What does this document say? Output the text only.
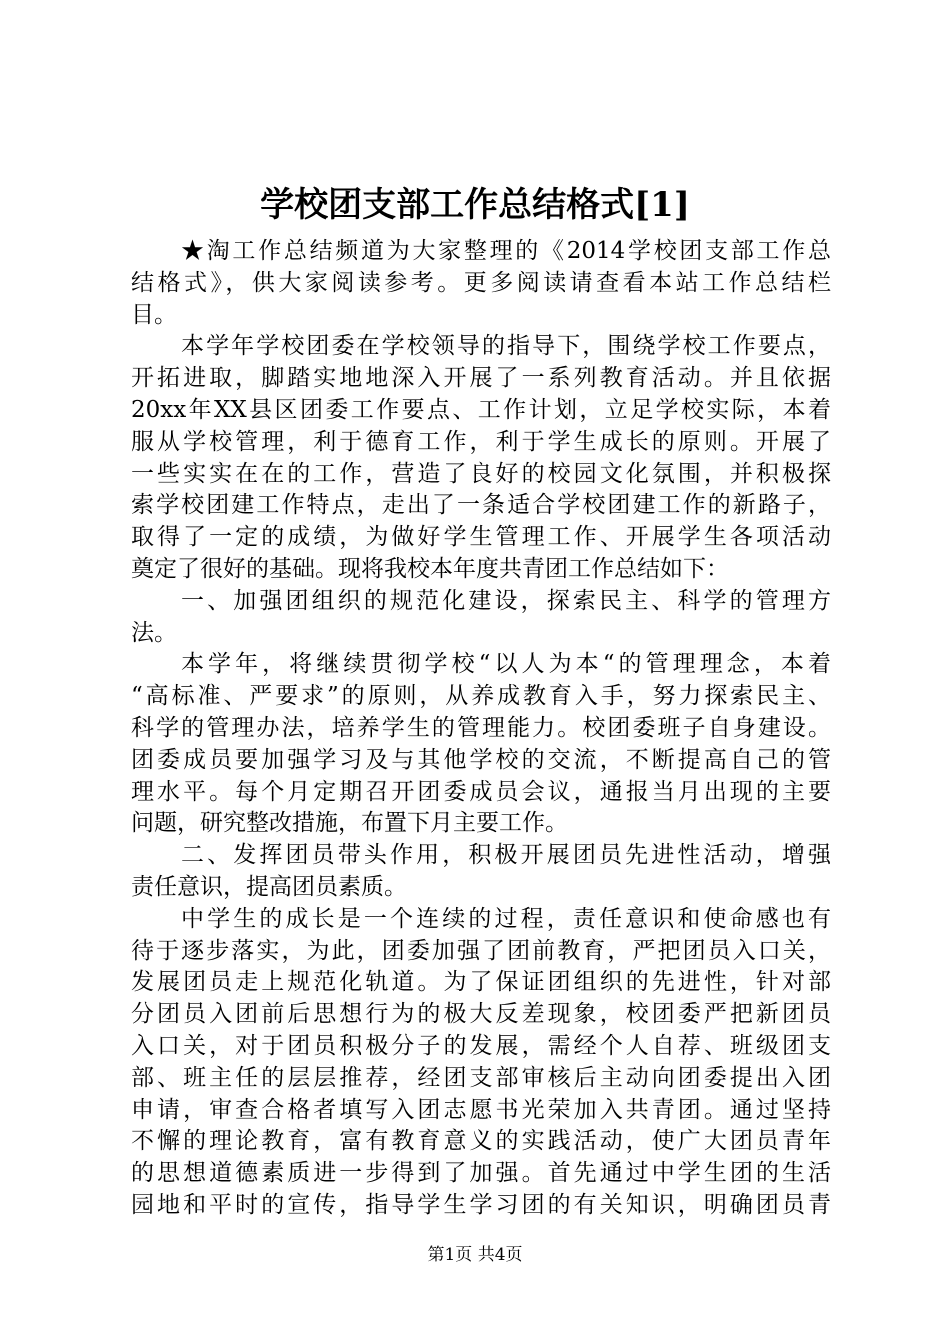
学校团支部工作总结格式[1]
★淘工作总结频道为大家整理的《2014学校团支部工作总
结格式》，供大家阅读参考。更多阅读请查看本站工作总结栏
目。
本学年学校团委在学校领导的指导下，围绕学校工作要点，
开拓进取，脚踏实地地深入开展了一系列教育活动。并且依据
20xx年XX县区团委工作要点、工作计划，立足学校实际，本着
服从学校管理，利于德育工作，利于学生成长的原则。开展了
一些实实在在的工作，营造了良好的校园文化氛围，并积极探
索学校团建工作特点，走出了一条适合学校团建工作的新路子，
取得了一定的成绩，为做好学生管理工作、开展学生各项活动
奠定了很好的基础。现将我校本年度共青团工作总结如下：
一、加强团组织的规范化建设，探索民主、科学的管理方
法。
本学年，将继续贯彻学校“以人为本“的管理理念，本着
“高标准、严要求”的原则，从养成教育入手，努力探索民主、
科学的管理办法，培养学生的管理能力。校团委班子自身建设。
团委成员要加强学习及与其他学校的交流，不断提高自己的管
理水平。每个月定期召开团委成员会议，通报当月出现的主要
问题，研究整改措施，布置下月主要工作。
二、发挥团员带头作用，积极开展团员先进性活动，增强
责任意识，提高团员素质。
中学生的成长是一个连续的过程，责任意识和使命感也有
待于逐步落实，为此，团委加强了团前教育，严把团员入口关，
发展团员走上规范化轨道。为了保证团组织的先进性，针对部
分团员入团前后思想行为的极大反差现象，校团委严把新团员
入口关，对于团员积极分子的发展，需经个人自荐、班级团支
部、班主任的层层推荐，经团支部审核后主动向团委提出入团
申请，审查合格者填写入团志愿书光荣加入共青团。通过坚持
不懈的理论教育，富有教育意义的实践活动，使广大团员青年
的思想道德素质进一步得到了加强。首先通过中学生团的生活
园地和平时的宣传，指导学生学习团的有关知识，明确团员青
第1页 共4页
